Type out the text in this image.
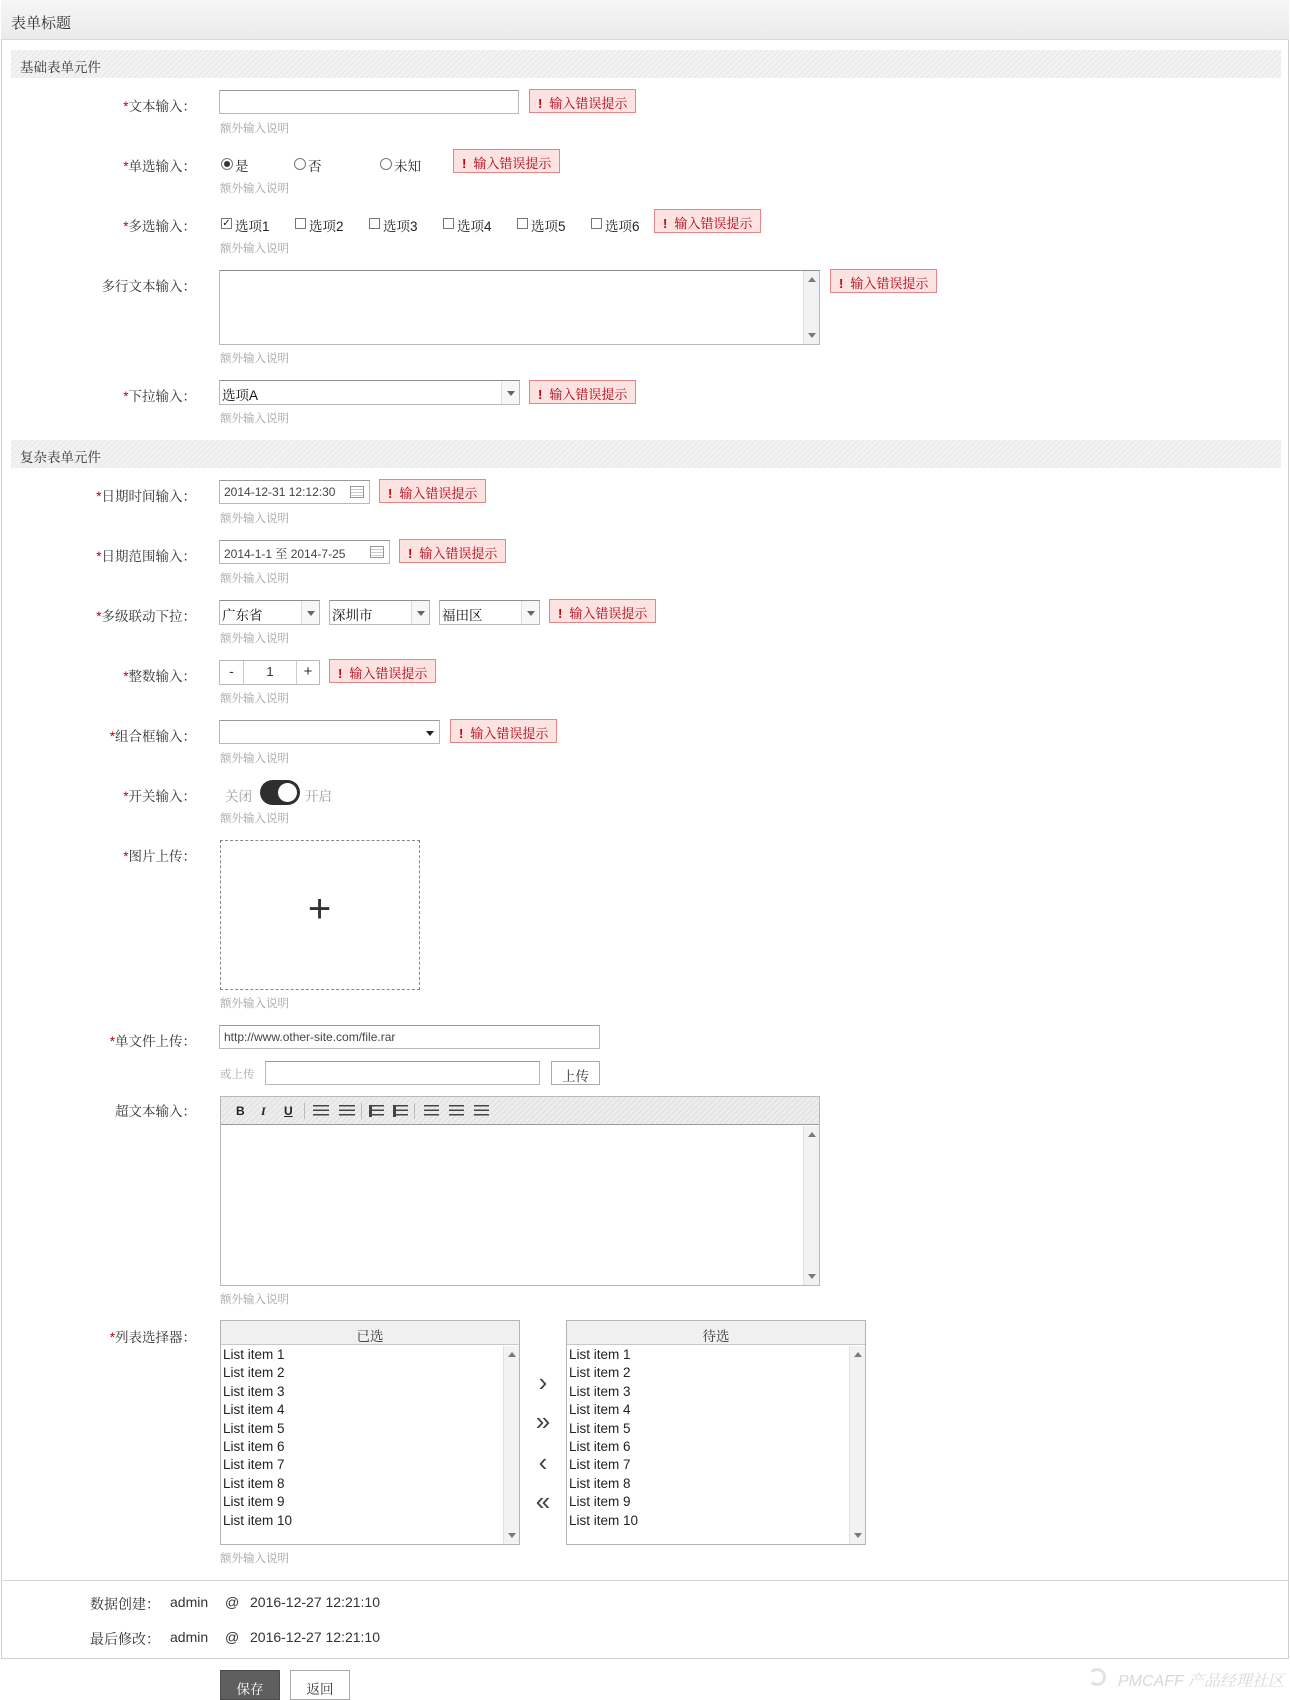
表单标题
基础表单元件
*文本输入：	! 输入错误提示
额外输入说明
*单选输入：	是	否	未知	! 输入错误提示
额外输入说明
*多选输入：	✓ 选项1	选项2	选项3	选项4	选项5	选项6	! 输入错误提示
额外输入说明
多行文本输入：	! 输入错误提示
额外输入说明
*下拉输入： 选项A	! 输入错误提示
额外输入说明
复杂表单元件
*日期时间输入：	2014-12-31 12:12:30	! 输入错误提示
额外输入说明
*日期范围输入：	2014-1-1 至 2014-7-25	! 输入错误提示
额外输入说明
*多级联动下拉： 广东省	深圳市	福田区	! 输入错误提示
额外输入说明
*整数输入：	-	1	+	! 输入错误提示
额外输入说明
*组合框输入：	! 输入错误提示
额外输入说明
*开关输入： 关闭	开启
额外输入说明
*图片上传：
+
额外输入说明
*单文件上传：	http://www.other-site.com/file.rar
或上传	上传
超文本输入：	B I U
额外输入说明
*列表选择器：	已选
List item 1
List item 2
List item 3
List item 4
List item 5
List item 6
List item 7
List item 8
List item 9
List item 10
›
»
‹
«
待选
List item 1
List item 2
List item 3
List item 4
List item 5
List item 6
List item 7
List item 8
List item 9
List item 10
额外输入说明
数据创建： admin @ 2016-12-27 12:21:10
最后修改： admin @ 2016-12-27 12:21:10
保存	返回	PMCAFF 产品经理社区
